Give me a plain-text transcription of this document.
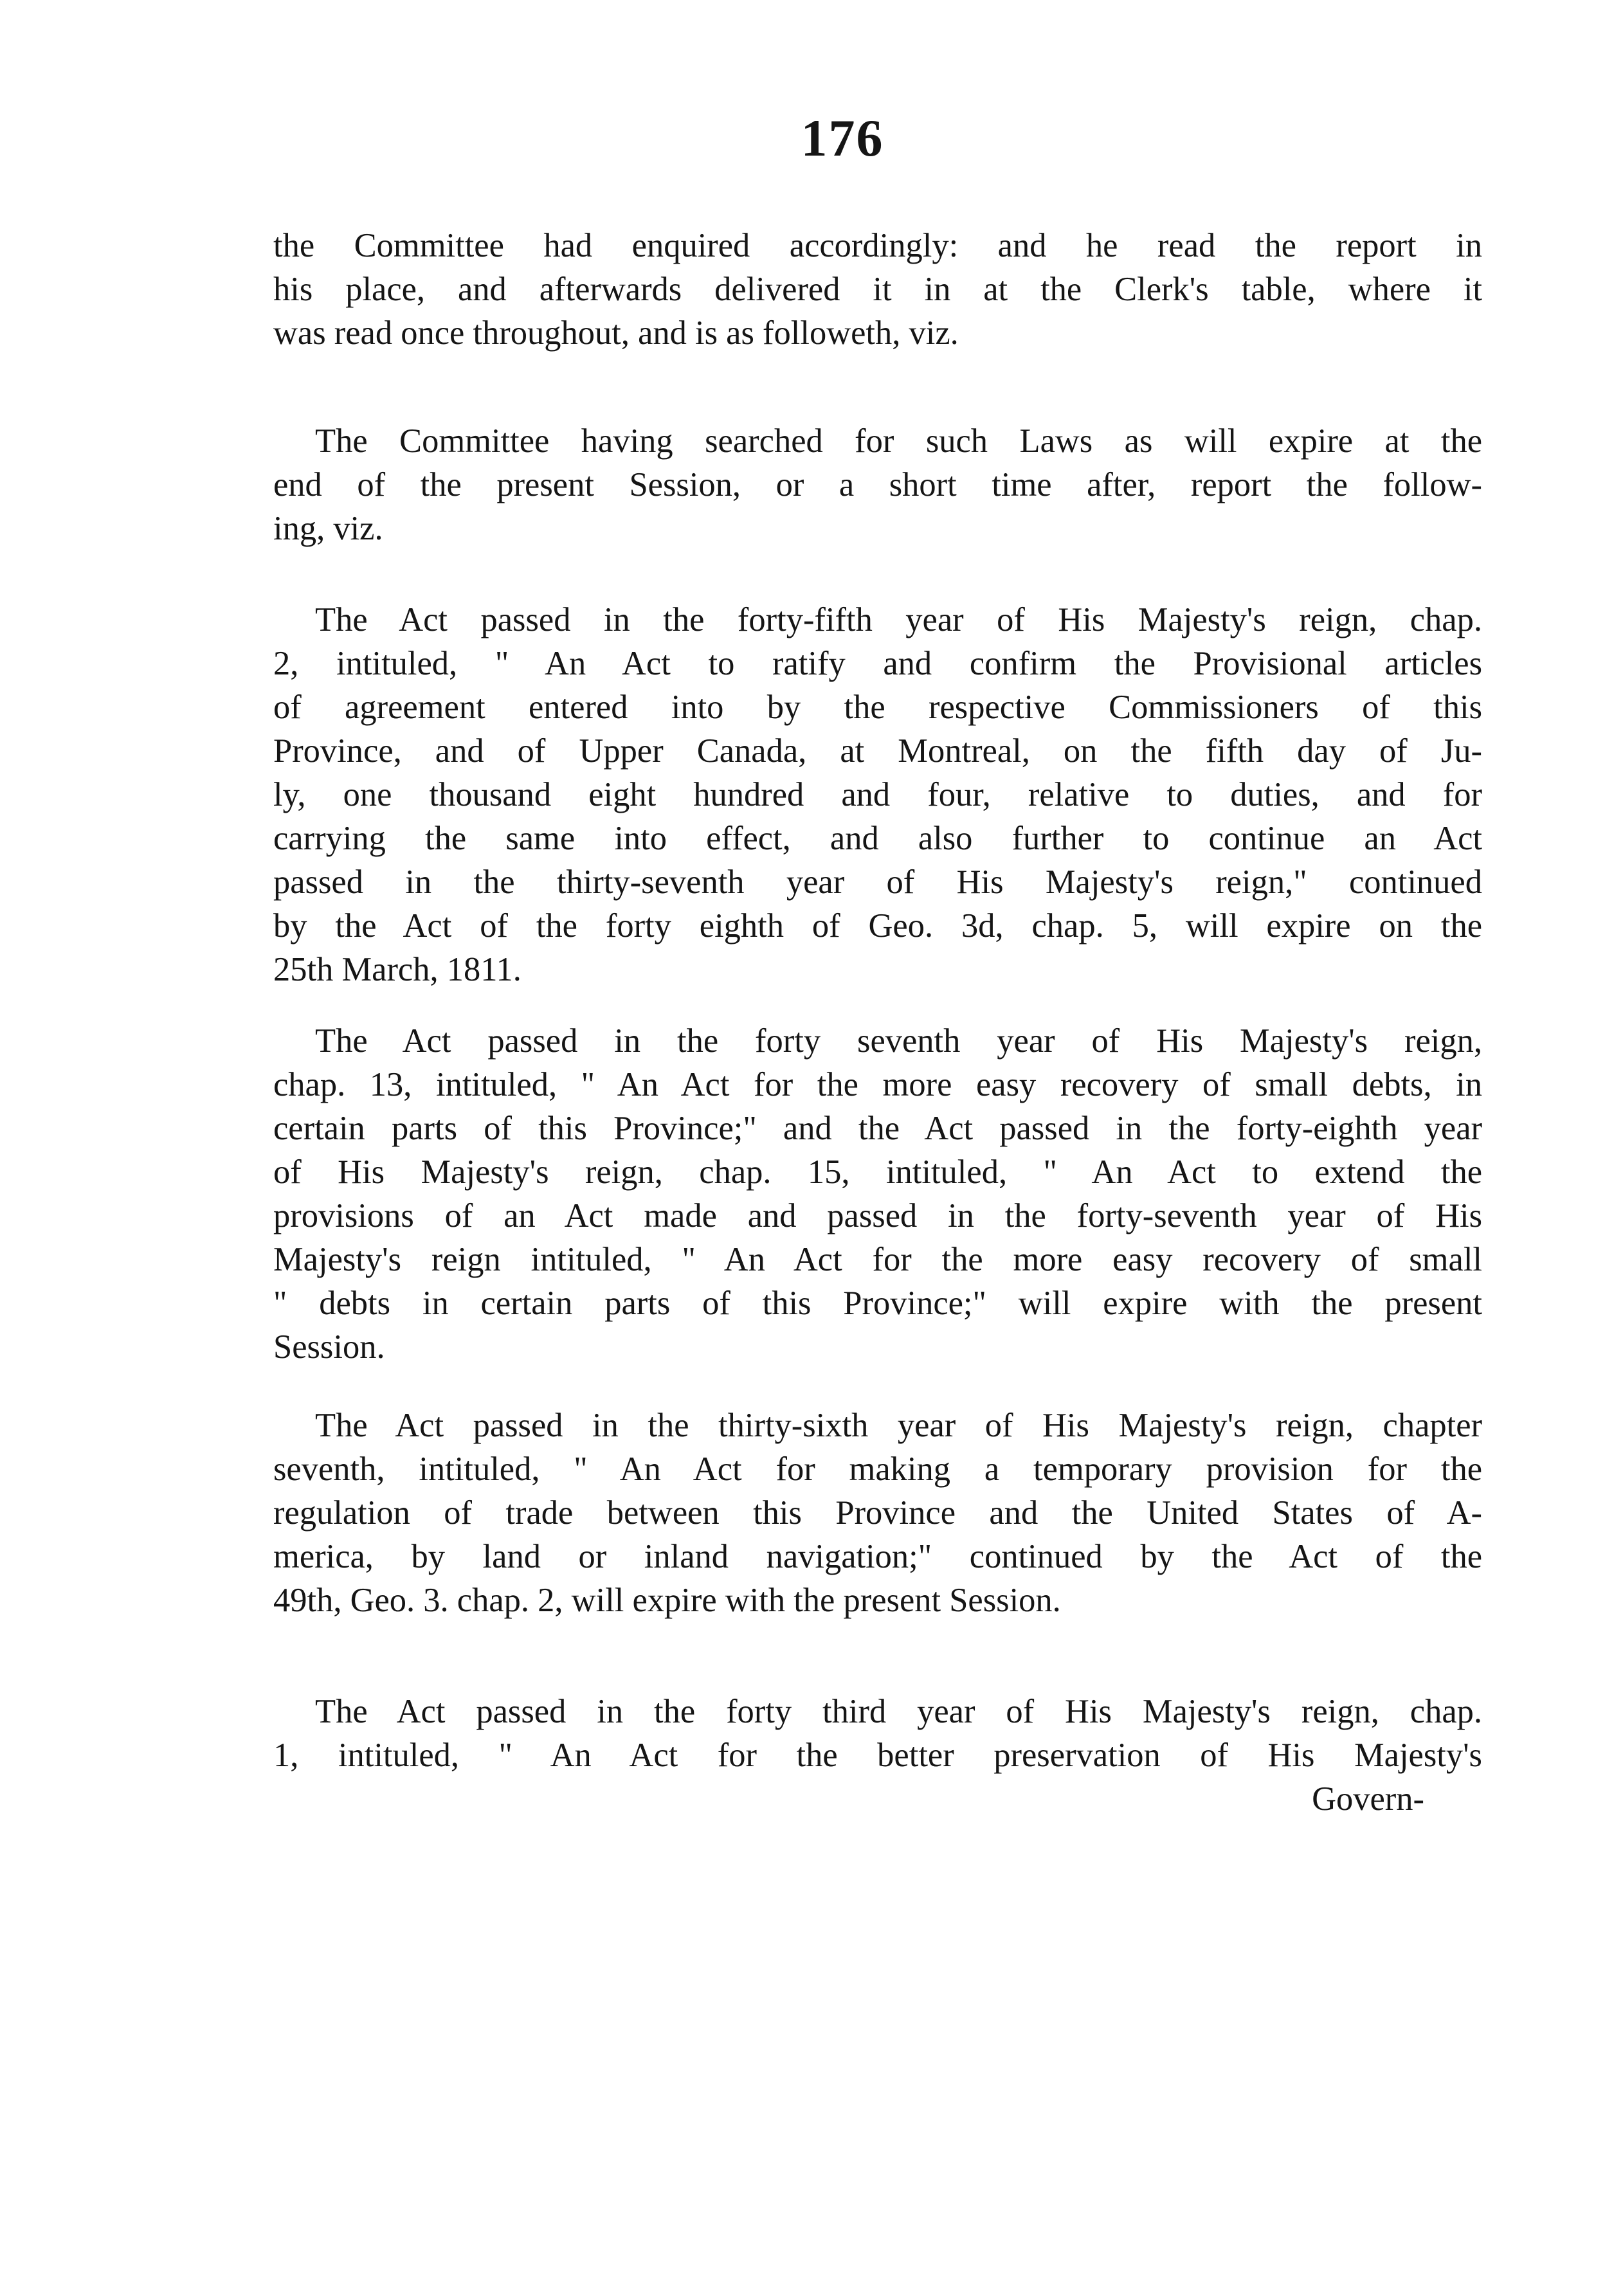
176
the Committee had enquired accordingly: and he read the report in
his place, and afterwards delivered it in at the Clerk's table, where it
was read once throughout, and is as followeth, viz.
The Committee having searched for such Laws as will expire at the
end of the present Session, or a short time after, report the follow-
ing, viz.
The Act passed in the forty-fifth year of His Majesty's reign, chap.
2, intituled, " An Act to ratify and confirm the Provisional articles
of agreement entered into by the respective Commissioners of this
Province, and of Upper Canada, at Montreal, on the fifth day of Ju-
ly, one thousand eight hundred and four, relative to duties, and for
carrying the same into effect, and also further to continue an Act
passed in the thirty-seventh year of His Majesty's reign," continued
by the Act of the forty eighth of Geo. 3d, chap. 5, will expire on the
25th March, 1811.
The Act passed in the forty seventh year of His Majesty's reign,
chap. 13, intituled, " An Act for the more easy recovery of small debts, in
certain parts of this Province;" and the Act passed in the forty-eighth year
of His Majesty's reign, chap. 15, intituled, " An Act to extend the
provisions of an Act made and passed in the forty-seventh year of His
Majesty's reign intituled, " An Act for the more easy recovery of small
" debts in certain parts of this Province;" will expire with the present
Session.
The Act passed in the thirty-sixth year of His Majesty's reign, chapter
seventh, intituled, " An Act for making a temporary provision for the
regulation of trade between this Province and the United States of A-
merica, by land or inland navigation;" continued by the Act of the
49th, Geo. 3. chap. 2, will expire with the present Session.
The Act passed in the forty third year of His Majesty's reign, chap.
1, intituled, " An Act for the better preservation of His Majesty's
Govern-
